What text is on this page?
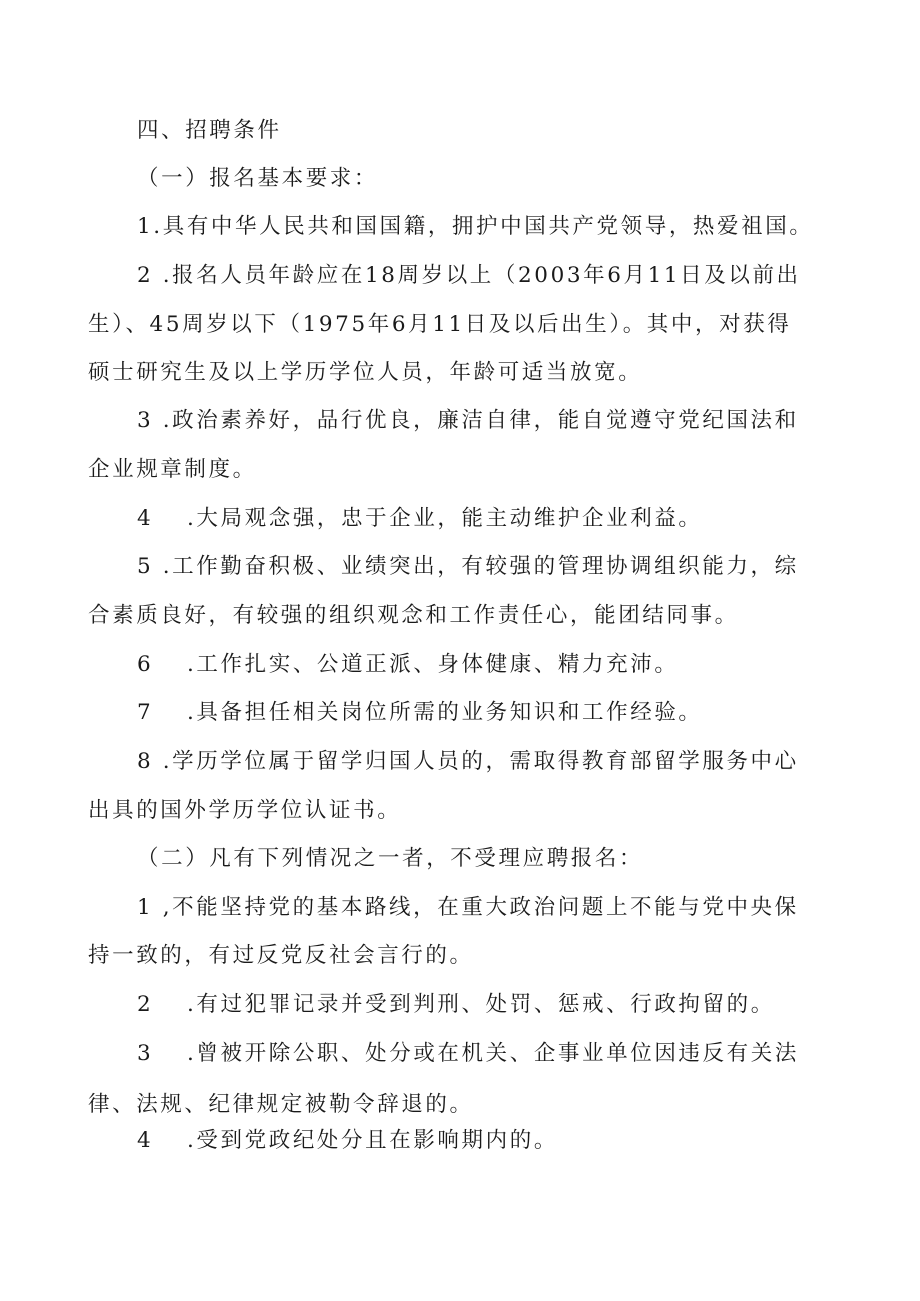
四、招聘条件
（一）报名基本要求：
1.具有中华人民共和国国籍，拥护中国共产党领导，热爱祖国。
2 .报名人员年龄应在18周岁以上（2003年6月11日及以前出
生）、45周岁以下（1975年6月11日及以后出生）。其中，对获得
硕士研究生及以上学历学位人员，年龄可适当放宽。
3 .政治素养好，品行优良，廉洁自律，能自觉遵守党纪国法和
企业规章制度。
4 .大局观念强，忠于企业，能主动维护企业利益。
5 .工作勤奋积极、业绩突出，有较强的管理协调组织能力，综
合素质良好，有较强的组织观念和工作责任心，能团结同事。
6 .工作扎实、公道正派、身体健康、精力充沛。
7 .具备担任相关岗位所需的业务知识和工作经验。
8 .学历学位属于留学归国人员的，需取得教育部留学服务中心
出具的国外学历学位认证书。
（二）凡有下列情况之一者，不受理应聘报名：
1 ,不能坚持党的基本路线，在重大政治问题上不能与党中央保
持一致的，有过反党反社会言行的。
2 .有过犯罪记录并受到判刑、处罚、惩戒、行政拘留的。
3 .曾被开除公职、处分或在机关、企事业单位因违反有关法
律、法规、纪律规定被勒令辞退的。
4 .受到党政纪处分且在影响期内的。
